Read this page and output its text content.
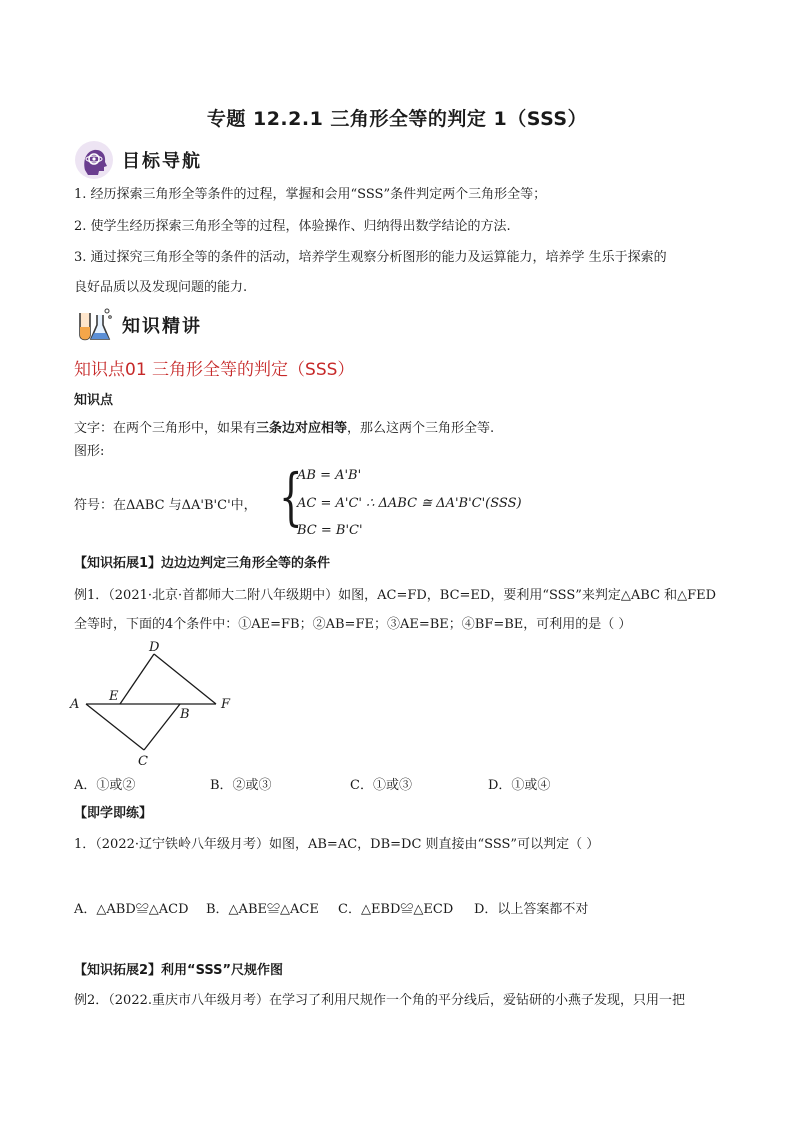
专题 12.2.1 三角形全等的判定 1（SSS）
目标导航
1. 经历探索三角形全等条件的过程，掌握和会用“SSS”条件判定两个三角形全等；
2. 使学生经历探索三角形全等的过程，体验操作、归纳得出数学结论的方法.
3. 通过探究三角形全等的条件的活动，培养学生观察分析图形的能力及运算能力，培养学 生乐于探索的
良好品质以及发现问题的能力.
知识精讲
知识点01 三角形全等的判定（SSS）
知识点
文字：在两个三角形中，如果有三条边对应相等，那么这两个三角形全等.
图形:
符号：在ΔABC 与ΔA'B'C'中， {
AB = A'B'
AC = A'C' ∴ ΔABC ≅ ΔA'B'C'(SSS)
BC = B'C'
【知识拓展1】边边边判定三角形全等的条件
例1．（2021·北京·首都师大二附八年级期中）如图，AC=FD，BC=ED，要利用“SSS”来判定△ABC 和△FED
全等时，下面的4个条件中：①AE=FB；②AB=FE；③AE=BE；④BF=BE，可利用的是（ ）
A
B
C
D
E
F
A．①或②	B．②或③	C．①或③	D．①或④
【即学即练】
1．（2022·辽宁铁岭八年级月考）如图，AB=AC，DB=DC 则直接由“SSS”可以判定（ ）
A．△ABD≌△ACD	B．△ABE≌△ACE	C．△EBD≌△ECD	D．以上答案都不对
【知识拓展2】利用“SSS”尺规作图
例2．（2022.重庆市八年级月考）在学习了利用尺规作一个角的平分线后，爱钻研的小燕子发现，只用一把
